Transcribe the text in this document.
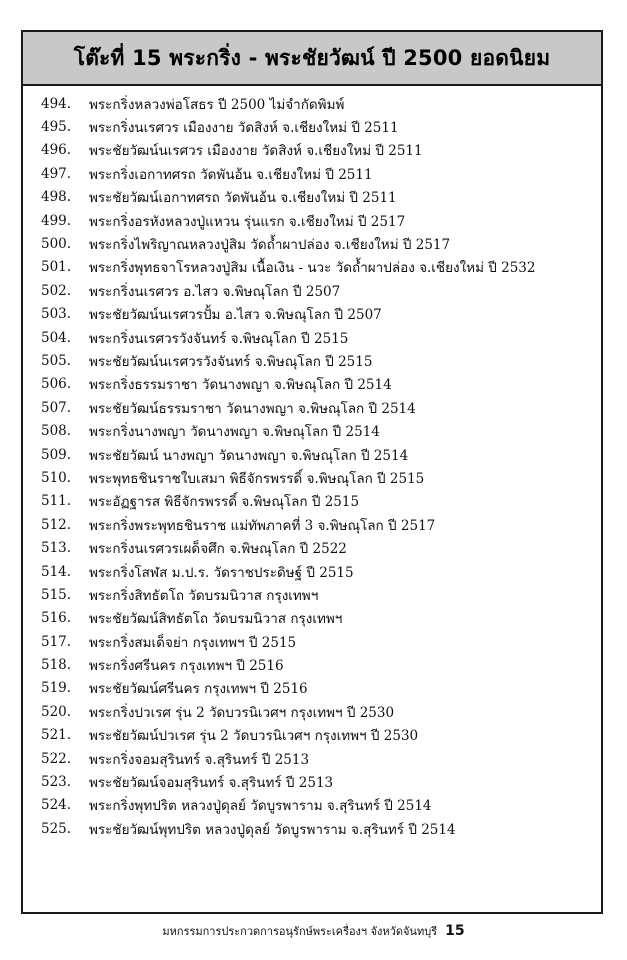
โต๊ะที่ 15 พระกริ่ง - พระชัยวัฒน์ ปี 2500 ยอดนิยม
494.	พระกริ่งหลวงพ่อโสธร ปี 2500 ไม่จำกัดพิมพ์
495.	พระกริ่งนเรศวร เมืองงาย วัดสิงห์ จ.เชียงใหม่ ปี 2511
496.	พระชัยวัฒน์นเรศวร เมืองงาย วัดสิงห์ จ.เชียงใหม่ ปี 2511
497.	พระกริ่งเอกาทศรถ วัดพันอ้น จ.เชียงใหม่ ปี 2511
498.	พระชัยวัฒน์เอกาทศรถ วัดพันอ้น จ.เชียงใหม่ ปี 2511
499.	พระกริ่งอรหังหลวงปู่แหวน รุ่นแรก จ.เชียงใหม่ ปี 2517
500.	พระกริ่งไพริญาณหลวงปู่สิม วัดถ้ำผาปล่อง จ.เชียงใหม่ ปี 2517
501.	พระกริ่งพุทธจาโรหลวงปู่สิม เนื้อเงิน - นวะ วัดถ้ำผาปล่อง จ.เชียงใหม่ ปี 2532
502.	พระกริ่งนเรศวร อ.ไสว จ.พิษณุโลก ปี 2507
503.	พระชัยวัฒน์นเรศวรปั้ม อ.ไสว จ.พิษณุโลก ปี 2507
504.	พระกริ่งนเรศวรวังจันทร์ จ.พิษณุโลก ปี 2515
505.	พระชัยวัฒน์นเรศวรวังจันทร์ จ.พิษณุโลก ปี 2515
506.	พระกริ่งธรรมราชา วัดนางพญา จ.พิษณุโลก ปี 2514
507.	พระชัยวัฒน์ธรรมราชา วัดนางพญา จ.พิษณุโลก ปี 2514
508.	พระกริ่งนางพญา วัดนางพญา จ.พิษณุโลก ปี 2514
509.	พระชัยวัฒน์ นางพญา วัดนางพญา จ.พิษณุโลก ปี 2514
510.	พระพุทธชินราชใบเสมา พิธีจักรพรรดิ์ จ.พิษณุโลก ปี 2515
511.	พระอัฏฐารส พิธีจักรพรรดิ์ จ.พิษณุโลก ปี 2515
512.	พระกริ่งพระพุทธชินราช แม่ทัพภาคที่ 3 จ.พิษณุโลก ปี 2517
513.	พระกริ่งนเรศวรเผด็จศึก จ.พิษณุโลก ปี 2522
514.	พระกริ่งโสฬส ม.ป.ร. วัดราชประดิษฐ์ ปี 2515
515.	พระกริ่งสิทธัตโถ วัดบรมนิวาส กรุงเทพฯ
516.	พระชัยวัฒน์สิทธัตโถ วัดบรมนิวาส กรุงเทพฯ
517.	พระกริ่งสมเด็จย่า กรุงเทพฯ ปี 2515
518.	พระกริ่งศรีนคร กรุงเทพฯ ปี 2516
519.	พระชัยวัฒน์ศรีนคร กรุงเทพฯ ปี 2516
520.	พระกริ่งปวเรศ รุ่น 2 วัดบวรนิเวศฯ กรุงเทพฯ ปี 2530
521.	พระชัยวัฒน์ปวเรศ รุ่น 2 วัดบวรนิเวศฯ กรุงเทพฯ ปี 2530
522.	พระกริ่งจอมสุรินทร์ จ.สุรินทร์ ปี 2513
523.	พระชัยวัฒน์จอมสุรินทร์ จ.สุรินทร์ ปี 2513
524.	พระกริ่งพุทปริต หลวงปู่ดุลย์ วัดบูรพาราม จ.สุรินทร์ ปี 2514
525.	พระชัยวัฒน์พุทปริต หลวงปู่ดุลย์ วัดบูรพาราม จ.สุรินทร์ ปี 2514
มหกรรมการประกวดการอนุรักษ์พระเครื่องฯ จังหวัดจันทบุรี 15
